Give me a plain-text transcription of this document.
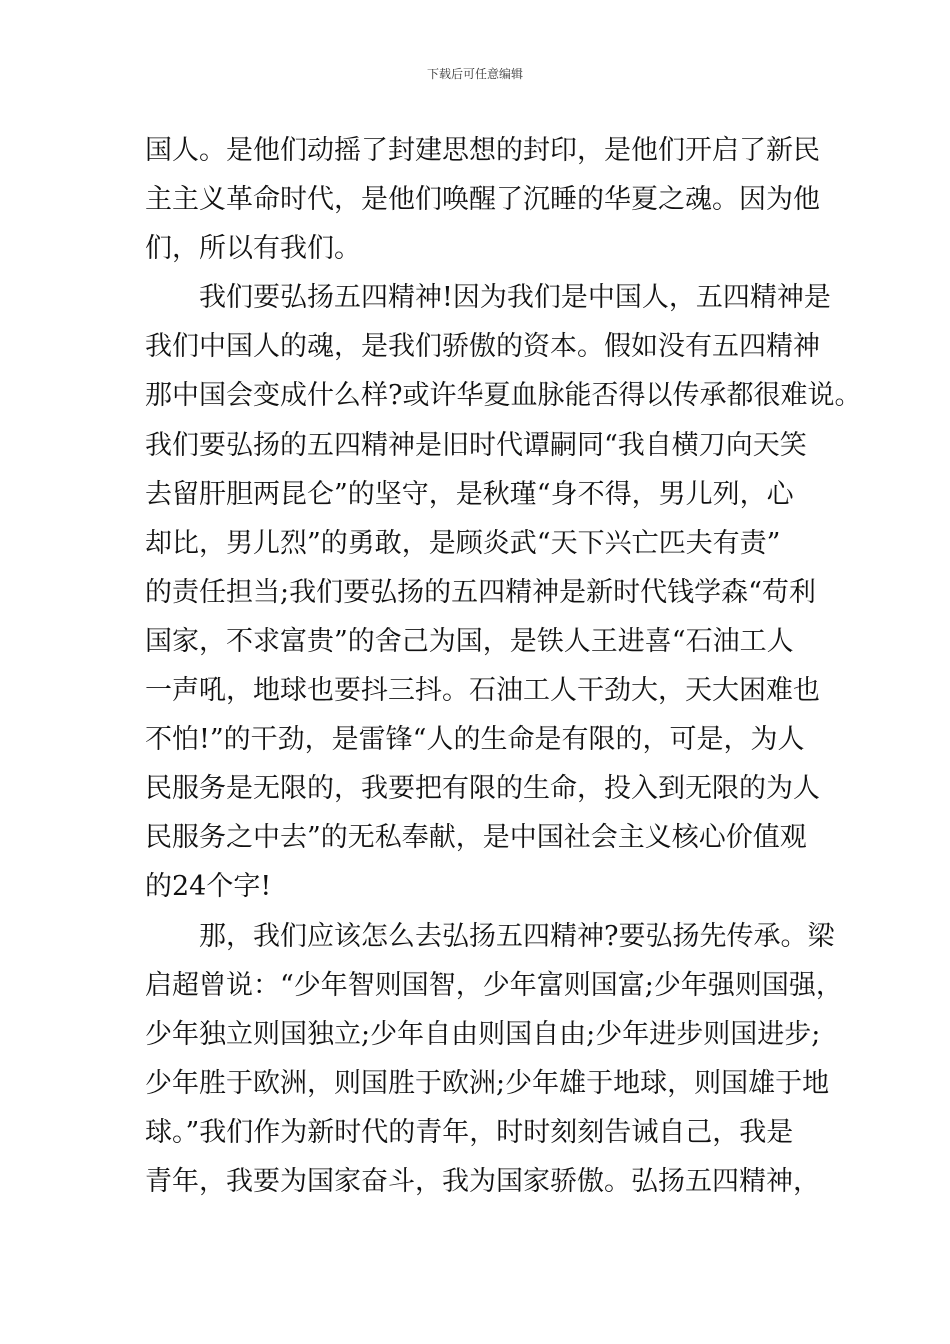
下载后可任意编辑
国人。是他们动摇了封建思想的封印，是他们开启了新民
主主义革命时代，是他们唤醒了沉睡的华夏之魂。因为他
们，所以有我们。
我们要弘扬五四精神!因为我们是中国人，五四精神是
我们中国人的魂，是我们骄傲的资本。假如没有五四精神
那中国会变成什么样?或许华夏血脉能否得以传承都很难说。
我们要弘扬的五四精神是旧时代谭嗣同“我自横刀向天笑
去留肝胆两昆仑”的坚守，是秋瑾“身不得，男儿列，心
却比，男儿烈”的勇敢，是顾炎武“天下兴亡匹夫有责”
的责任担当;我们要弘扬的五四精神是新时代钱学森“苟利
国家，不求富贵”的舍己为国，是铁人王进喜“石油工人
一声吼，地球也要抖三抖。石油工人干劲大，天大困难也
不怕!”的干劲，是雷锋“人的生命是有限的，可是，为人
民服务是无限的，我要把有限的生命，投入到无限的为人
民服务之中去”的无私奉献，是中国社会主义核心价值观
的24个字!
那，我们应该怎么去弘扬五四精神?要弘扬先传承。梁
启超曾说：“少年智则国智，少年富则国富;少年强则国强，
少年独立则国独立;少年自由则国自由;少年进步则国进步;
少年胜于欧洲，则国胜于欧洲;少年雄于地球，则国雄于地
球。”我们作为新时代的青年，时时刻刻告诫自己，我是
青年，我要为国家奋斗，我为国家骄傲。弘扬五四精神，
